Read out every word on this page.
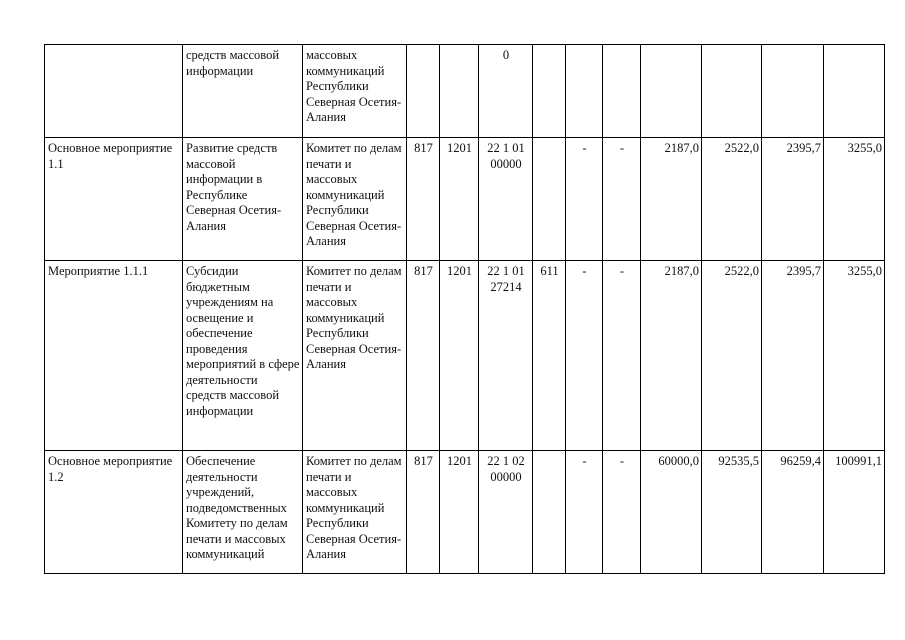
	средств массовой информации	массовых коммуникаций Республики Северная Осетия-Алания			0							
Основное мероприятие 1.1	Развитие средств массовой информации в Республике Северная Осетия-Алания	Комитет по делам печати и массовых коммуникаций Республики Северная Осетия-Алания	817	1201	22 1 01 00000		-	-	2187,0	2522,0	2395,7	3255,0
Мероприятие 1.1.1	Субсидии бюджетным учреждениям на освещение и обеспечение проведения мероприятий в сфере деятельности средств массовой информации	Комитет по делам печати и массовых коммуникаций Республики Северная Осетия-Алания	817	1201	22 1 01 27214	611	-	-	2187,0	2522,0	2395,7	3255,0
Основное мероприятие 1.2	Обеспечение деятельности учреждений, подведомственных Комитету по делам печати и массовых коммуникаций	Комитет по делам печати и массовых коммуникаций Республики Северная Осетия-Алания	817	1201	22 1 02 00000		-	-	60000,0	92535,5	96259,4	100991,1
